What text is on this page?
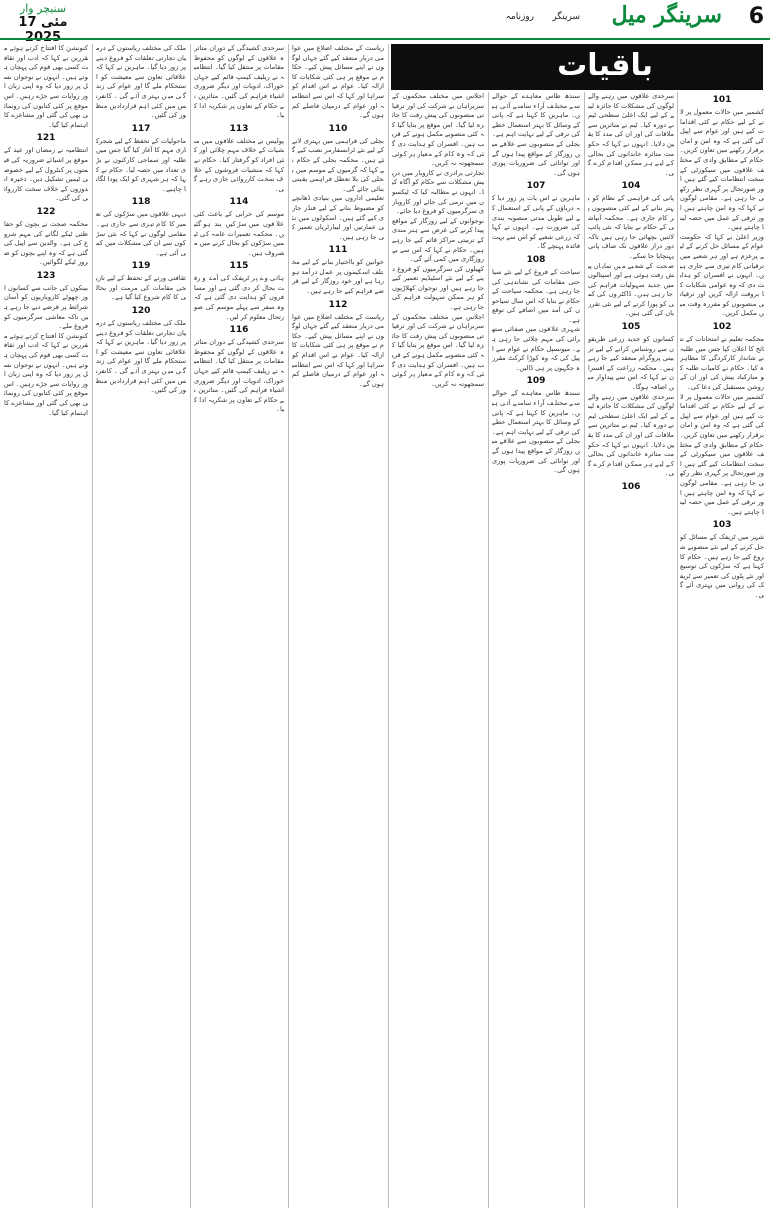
6
سرینگر میل
روزنامہ سرینگر
سنیچر وار
17 مئی
باقیات
101

کشمیر میں حالات معمول پر لانے کے لیے حکام نے کئی اقدامات کیے ہیں اور عوام سے اپیل کی گئی ہے کہ وہ امن و امان برقرار رکھنے میں تعاون کریں۔ حکام کے مطابق وادی کے مختلف علاقوں میں سیکورٹی کے سخت انتظامات کیے گئے ہیں اور صورتحال پر گہری نظر رکھی جا رہی ہے۔ مقامی لوگوں نے کہا کہ وہ امن چاہتے ہیں اور ترقی کے عمل میں حصہ لینا چاہتے ہیں۔

وزیر اعلیٰ نے کہا کہ حکومت عوام کے مسائل حل کرنے کے لیے پرعزم ہے اور ہر شعبے میں ترقیاتی کام تیزی سے جاری ہیں۔ انہوں نے افسران کو ہدایت دی کہ وہ عوامی شکایات کا بروقت ازالہ کریں اور ترقیاتی منصوبوں کو مقررہ وقت میں مکمل کریں۔

102

محکمہ تعلیم نے امتحانات کے نتائج کا اعلان کیا جس میں طلبہ نے شاندار کارکردگی کا مظاہرہ کیا۔ حکام نے کامیاب طلبہ کو مبارکباد پیش کی اور ان کے روشن مستقبل کی دعا کی۔

کشمیر میں حالات معمول پر لانے کے لیے حکام نے کئی اقدامات کیے ہیں اور عوام سے اپیل کی گئی ہے کہ وہ امن و امان برقرار رکھنے میں تعاون کریں۔ حکام کے مطابق وادی کے مختلف علاقوں میں سیکورٹی کے سخت انتظامات کیے گئے ہیں اور صورتحال پر گہری نظر رکھی جا رہی ہے۔ مقامی لوگوں نے کہا کہ وہ امن چاہتے ہیں اور ترقی کے عمل میں حصہ لینا چاہتے ہیں۔

103

شہر میں ٹریفک کے مسائل کو حل کرنے کے لیے نئے منصوبے شروع کیے جا رہے ہیں۔ حکام کا کہنا ہے کہ سڑکوں کی توسیع اور نئے پلوں کی تعمیر سے ٹریفک کی روانی میں بہتری آئے گی۔

سرحدی علاقوں میں رہنے والے لوگوں کی مشکلات کا جائزہ لینے کے لیے ایک اعلیٰ سطحی ٹیم نے دورہ کیا۔ ٹیم نے متاثرین سے ملاقات کی اور ان کی مدد کا یقین دلایا۔ انہوں نے کہا کہ حکومت متاثرہ خاندانوں کی بحالی کے لیے ہر ممکن اقدام کرے گی۔

104

پانی کی فراہمی کے نظام کو بہتر بنانے کے لیے کئی منصوبوں پر کام جاری ہے۔ محکمہ آبپاشی کے حکام نے بتایا کہ نئی پائپ لائنیں بچھائی جا رہی ہیں تاکہ دور دراز علاقوں تک صاف پانی پہنچایا جا سکے۔

صحت کے شعبے میں نمایاں پیش رفت ہوئی ہے اور اسپتالوں میں جدید سہولیات فراہم کی جا رہی ہیں۔ ڈاکٹروں کی کمی کو پورا کرنے کے لیے نئی تقرریاں کی گئی ہیں۔

105

کسانوں کو جدید زرعی طریقوں سے روشناس کرانے کے لیے تربیتی پروگرام منعقد کیے جا رہے ہیں۔ محکمہ زراعت کے افسران نے کہا کہ اس سے پیداوار میں اضافہ ہوگا۔

سرحدی علاقوں میں رہنے والے لوگوں کی مشکلات کا جائزہ لینے کے لیے ایک اعلیٰ سطحی ٹیم نے دورہ کیا۔ ٹیم نے متاثرین سے ملاقات کی اور ان کی مدد کا یقین دلایا۔ انہوں نے کہا کہ حکومت متاثرہ خاندانوں کی بحالی کے لیے ہر ممکن اقدام کرے گی۔

106

سندھ طاس معاہدے کے حوالے سے مختلف آراء سامنے آئی ہیں۔ ماہرین کا کہنا ہے کہ پانی کے وسائل کا بہتر استعمال خطے کی ترقی کے لیے نہایت اہم ہے۔ بجلی کے منصوبوں سے علاقے میں روزگار کے مواقع پیدا ہوں گے اور توانائی کی ضروریات پوری ہوں گی۔

107

ماہرین نے اس بات پر زور دیا کہ دریاؤں کے پانی کے استعمال کے لیے طویل مدتی منصوبہ بندی کی ضرورت ہے۔ انہوں نے کہا کہ زرعی شعبے کو اس سے بہت فائدہ پہنچے گا۔

108

سیاحت کے فروغ کے لیے نئے سیاحتی مقامات کی نشاندہی کی جا رہی ہے۔ محکمہ سیاحت کے حکام نے بتایا کہ اس سال سیاحوں کی آمد میں اضافے کی توقع ہے۔

شہری علاقوں میں صفائی ستھرائی کی مہم چلائی جا رہی ہے۔ میونسپل حکام نے عوام سے اپیل کی کہ وہ کوڑا کرکٹ مقررہ جگہوں پر ہی ڈالیں۔

109

سندھ طاس معاہدے کے حوالے سے مختلف آراء سامنے آئی ہیں۔ ماہرین کا کہنا ہے کہ پانی کے وسائل کا بہتر استعمال خطے کی ترقی کے لیے نہایت اہم ہے۔ بجلی کے منصوبوں سے علاقے میں روزگار کے مواقع پیدا ہوں گے اور توانائی کی ضروریات پوری ہوں گی۔

اجلاس میں مختلف محکموں کے سربراہان نے شرکت کی اور ترقیاتی منصوبوں کی پیش رفت کا جائزہ لیا گیا۔ اس موقع پر بتایا گیا کہ کئی منصوبے مکمل ہونے کے قریب ہیں۔ افسران کو ہدایت دی گئی کہ وہ کام کے معیار پر کوئی سمجھوتہ نہ کریں۔

تجارتی برادری نے کاروبار میں درپیش مشکلات سے حکام کو آگاہ کیا۔ انہوں نے مطالبہ کیا کہ ٹیکسوں میں نرمی کی جائے اور کاروباری سرگرمیوں کو فروغ دیا جائے۔

نوجوانوں کے لیے روزگار کے مواقع پیدا کرنے کی غرض سے ہنر مندی کے تربیتی مراکز قائم کیے جا رہے ہیں۔ حکام نے کہا کہ اس سے بے روزگاری میں کمی آئے گی۔

کھیلوں کی سرگرمیوں کو فروغ دینے کے لیے نئے اسٹیڈیم تعمیر کیے جا رہے ہیں اور نوجوان کھلاڑیوں کو ہر ممکن سہولت فراہم کی جا رہی ہے۔

اجلاس میں مختلف محکموں کے سربراہان نے شرکت کی اور ترقیاتی منصوبوں کی پیش رفت کا جائزہ لیا گیا۔ اس موقع پر بتایا گیا کہ کئی منصوبے مکمل ہونے کے قریب ہیں۔ افسران کو ہدایت دی گئی کہ وہ کام کے معیار پر کوئی سمجھوتہ نہ کریں۔

ریاست کے مختلف اضلاع میں عوامی دربار منعقد کیے گئے جہاں لوگوں نے اپنے مسائل پیش کیے۔ حکام نے موقع پر ہی کئی شکایات کا ازالہ کیا۔ عوام نے اس اقدام کو سراہا اور کہا کہ اس سے انتظامیہ اور عوام کے درمیان فاصلے کم ہوں گے۔

110

بجلی کی فراہمی میں بہتری لانے کے لیے نئے ٹرانسفارمر نصب کیے گئے ہیں۔ محکمہ بجلی کے حکام نے کہا کہ گرمیوں کے موسم میں بجلی کی بلا تعطل فراہمی یقینی بنائی جائے گی۔

تعلیمی اداروں میں بنیادی ڈھانچے کو مضبوط بنانے کے لیے فنڈز جاری کیے گئے ہیں۔ اسکولوں میں نئی عمارتیں اور لیبارٹریاں تعمیر کی جا رہی ہیں۔

111

خواتین کو بااختیار بنانے کے لیے مختلف اسکیموں پر عمل درآمد ہو رہا ہے اور خود روزگار کے لیے قرضے فراہم کیے جا رہے ہیں۔

112

ریاست کے مختلف اضلاع میں عوامی دربار منعقد کیے گئے جہاں لوگوں نے اپنے مسائل پیش کیے۔ حکام نے موقع پر ہی کئی شکایات کا ازالہ کیا۔ عوام نے اس اقدام کو سراہا اور کہا کہ اس سے انتظامیہ اور عوام کے درمیان فاصلے کم ہوں گے۔

سرحدی کشیدگی کے دوران متاثرہ علاقوں کے لوگوں کو محفوظ مقامات پر منتقل کیا گیا۔ انتظامیہ نے ریلیف کیمپ قائم کیے جہاں خوراک، ادویات اور دیگر ضروری اشیاء فراہم کی گئیں۔ متاثرین نے حکام کے تعاون پر شکریہ ادا کیا۔

113

پولیس نے مختلف علاقوں میں منشیات کے خلاف مہم چلائی اور کئی افراد کو گرفتار کیا۔ حکام نے کہا کہ منشیات فروشوں کے خلاف سخت کارروائی جاری رہے گی۔

114

موسم کی خرابی کے باعث کئی علاقوں میں سڑکیں بند ہو گئیں۔ محکمہ تعمیرات عامہ کی ٹیمیں سڑکوں کو بحال کرنے میں مصروف ہیں۔

115

ہائی وے پر ٹریفک کی آمد و رفت بحال کر دی گئی ہے اور مسافروں کو ہدایت دی گئی ہے کہ وہ سفر سے پہلے موسم کی صورتحال معلوم کر لیں۔

116

سرحدی کشیدگی کے دوران متاثرہ علاقوں کے لوگوں کو محفوظ مقامات پر منتقل کیا گیا۔ انتظامیہ نے ریلیف کیمپ قائم کیے جہاں خوراک، ادویات اور دیگر ضروری اشیاء فراہم کی گئیں۔ متاثرین نے حکام کے تعاون پر شکریہ ادا کیا۔

ملک کی مختلف ریاستوں کے درمیان تجارتی تعلقات کو فروغ دینے پر زور دیا گیا۔ ماہرین نے کہا کہ علاقائی تعاون سے معیشت کو استحکام ملے گا اور عوام کی زندگی میں بہتری آئے گی۔ کانفرنس میں کئی اہم قراردادیں منظور کی گئیں۔

117

ماحولیات کے تحفظ کے لیے شجرکاری مہم کا آغاز کیا گیا جس میں طلبہ اور سماجی کارکنوں نے بڑی تعداد میں حصہ لیا۔ حکام نے کہا کہ ہر شہری کو ایک پودا لگانا چاہیے۔

118

دیہی علاقوں میں سڑکوں کی تعمیر کا کام تیزی سے جاری ہے۔ مقامی لوگوں نے کہا کہ نئی سڑکوں سے ان کی مشکلات میں کمی آئی ہے۔

119

ثقافتی ورثے کے تحفظ کے لیے تاریخی مقامات کی مرمت اور بحالی کا کام شروع کیا گیا ہے۔

120

ملک کی مختلف ریاستوں کے درمیان تجارتی تعلقات کو فروغ دینے پر زور دیا گیا۔ ماہرین نے کہا کہ علاقائی تعاون سے معیشت کو استحکام ملے گا اور عوام کی زندگی میں بہتری آئے گی۔ کانفرنس میں کئی اہم قراردادیں منظور کی گئیں۔

کنونشن کا افتتاح کرتے ہوئے مقررین نے کہا کہ ادب اور ثقافت کسی بھی قوم کی پہچان ہوتے ہیں۔ انہوں نے نوجوان نسل پر زور دیا کہ وہ اپنی زبان اور روایات سے جڑے رہیں۔ اس موقع پر کئی کتابوں کی رونمائی بھی کی گئی اور مشاعرے کا اہتمام کیا گیا۔

121

انتظامیہ نے رمضان اور عید کے موقع پر اشیائے ضروریہ کی قیمتوں پر کنٹرول کے لیے خصوصی ٹیمیں تشکیل دیں۔ ذخیرہ اندوزوں کے خلاف سخت کارروائی کی گئی۔

122

محکمہ صحت نے بچوں کو حفاظتی ٹیکے لگانے کی مہم شروع کی ہے۔ والدین سے اپیل کی گئی ہے کہ وہ اپنے بچوں کو ضرور ٹیکے لگوائیں۔

123

بینکوں کی جانب سے کسانوں اور چھوٹے کاروباریوں کو آسان شرائط پر قرضے دیے جا رہے ہیں تاکہ معاشی سرگرمیوں کو فروغ ملے۔

کنونشن کا افتتاح کرتے ہوئے مقررین نے کہا کہ ادب اور ثقافت کسی بھی قوم کی پہچان ہوتے ہیں۔ انہوں نے نوجوان نسل پر زور دیا کہ وہ اپنی زبان اور روایات سے جڑے رہیں۔ اس موقع پر کئی کتابوں کی رونمائی بھی کی گئی اور مشاعرے کا اہتمام کیا گیا۔
